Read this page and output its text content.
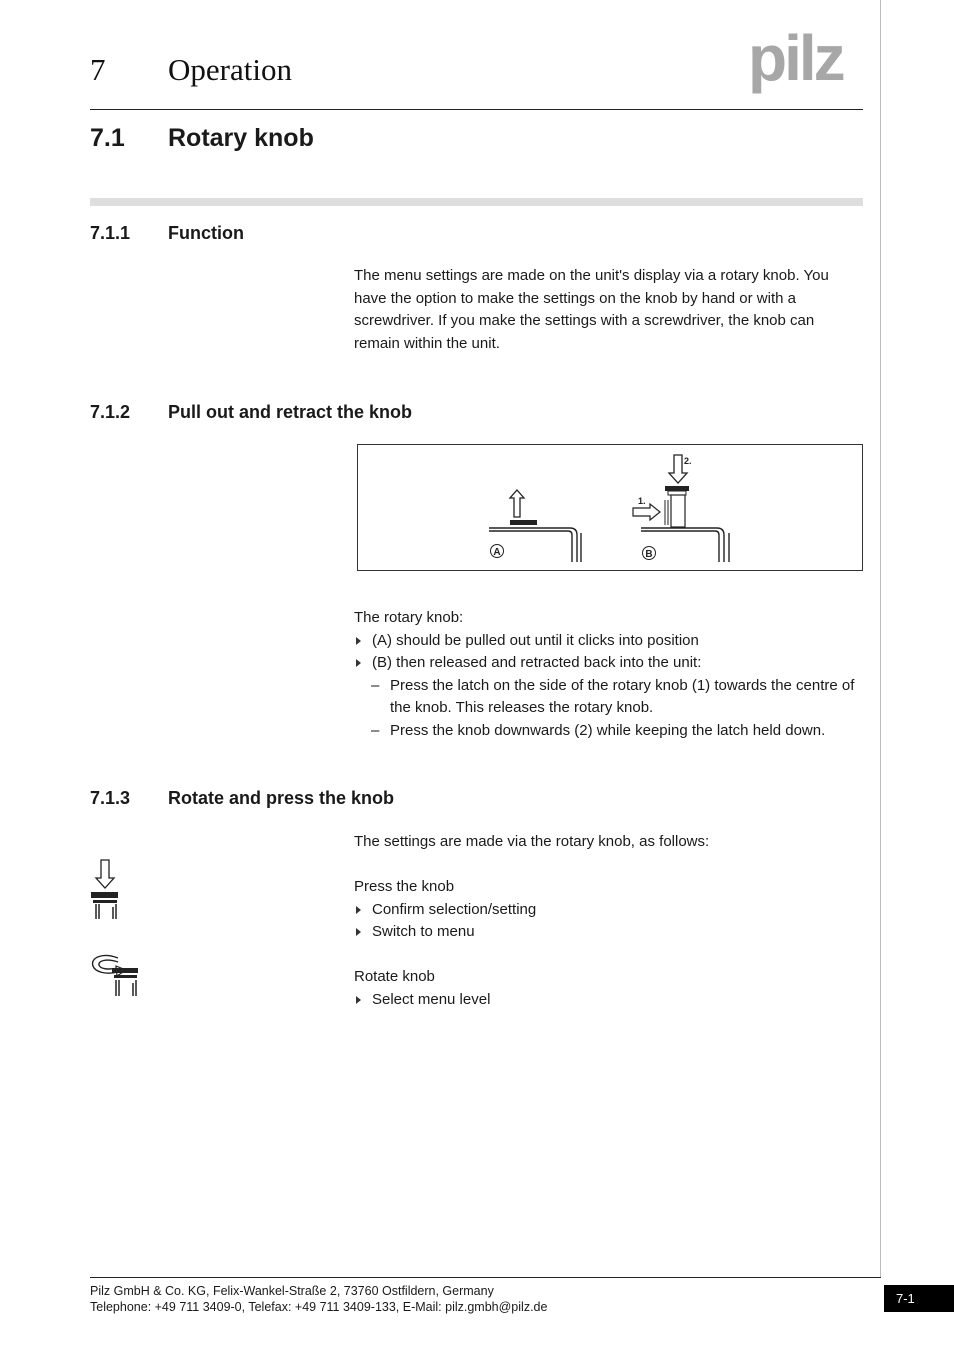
7 Operation	pilz
7.1 Rotary knob
7.1.1 Function

The menu settings are made on the unit's display via a rotary knob. You have the option to make the settings on the knob by hand or with a screwdriver. If you make the settings with a screwdriver, the knob can remain within the unit.

7.1.2 Pull out and retract the knob
A
2.
1.
B

The rotary knob:

(A) should be pulled out until it clicks into position
(B) then released and retracted back into the unit:
– Press the latch on the side of the rotary knob (1) towards the centre of the knob. This releases the rotary knob.
– Press the knob downwards (2) while keeping the latch held down.
7.1.3 Rotate and press the knob
The settings are made via the rotary knob, as follows:

Press the knob

Confirm selection/setting
Switch to menu

Rotate knob

Select menu level
Pilz GmbH & Co. KG, Felix-Wankel-Straße 2, 73760 Ostfildern, Germany
Telephone: +49 711 3409-0, Telefax: +49 711 3409-133, E-Mail: pilz.gmbh@pilz.de
7-1
